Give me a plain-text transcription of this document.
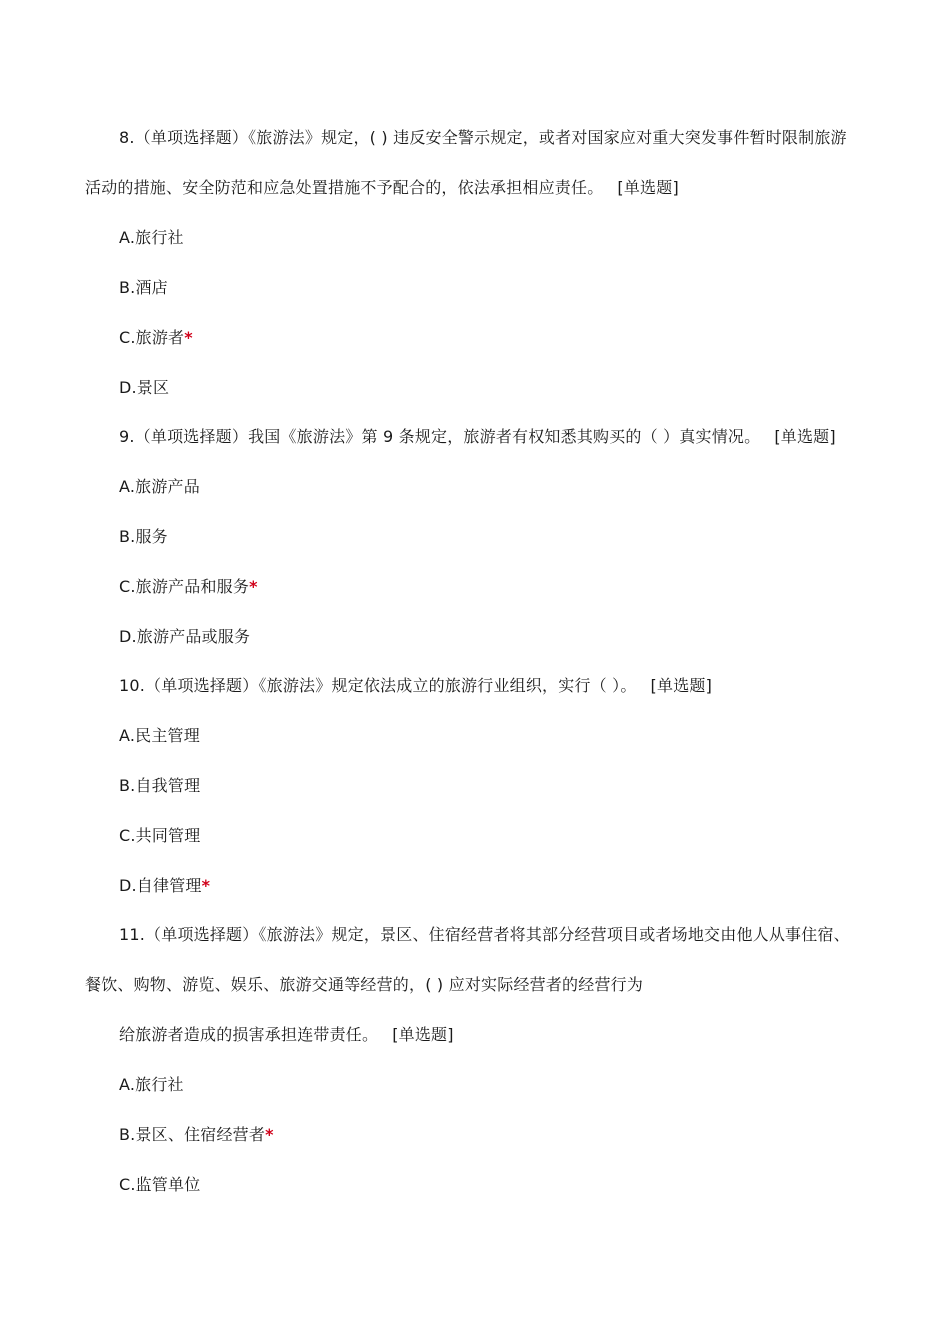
8.（单项选择题）《旅游法》规定，( ) 违反安全警示规定，或者对国家应对重大突发事件暂时限制旅游
活动的措施、安全防范和应急处置措施不予配合的，依法承担相应责任。 [单选题]
A.旅行社
B.酒店
C.旅游者*
D.景区
9.（单项选择题）我国《旅游法》第 9 条规定，旅游者有权知悉其购买的（ ）真实情况。 [单选题]
A.旅游产品
B.服务
C.旅游产品和服务*
D.旅游产品或服务
10.（单项选择题）《旅游法》规定依法成立的旅游行业组织，实行（ ）。 [单选题]
A.民主管理
B.自我管理
C.共同管理
D.自律管理*
11.（单项选择题）《旅游法》规定，景区、住宿经营者将其部分经营项目或者场地交由他人从事住宿、
餐饮、购物、游览、娱乐、旅游交通等经营的，( ) 应对实际经营者的经营行为
给旅游者造成的损害承担连带责任。 [单选题]
A.旅行社
B.景区、住宿经营者*
C.监管单位
